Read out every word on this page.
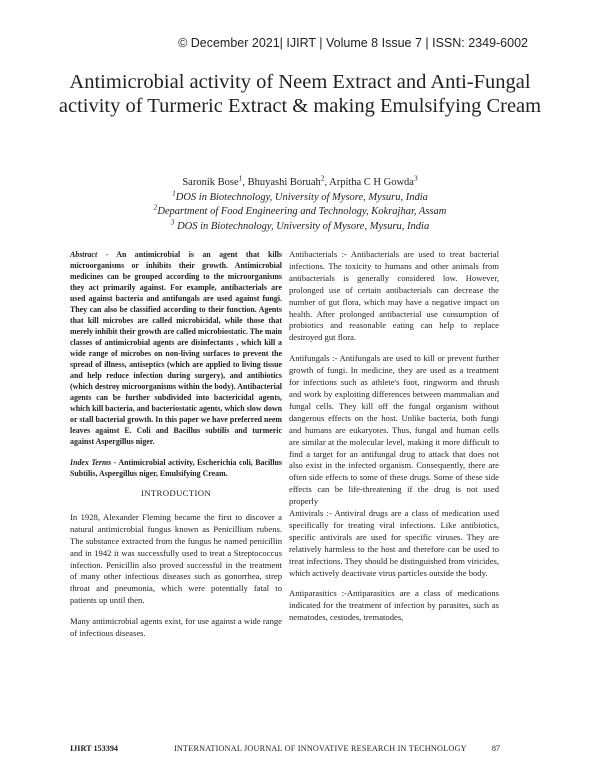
© December 2021| IJIRT | Volume 8 Issue 7 | ISSN: 2349-6002
Antimicrobial activity of Neem Extract and Anti-Fungal activity of Turmeric Extract & making Emulsifying Cream
Saronik Bose$^1$, Bhuyashi Boruah$^2$, Arpitha C H Gowda$^3$
$^1$DOS in Biotechnology, University of Mysore, Mysuru, India
$^2$Department of Food Engineering and Technology, Kokrajhar, Assam
$^3$ DOS in Biotechnology, University of Mysore, Mysuru, India

Abstract - An antimicrobial is an agent that kills microorganisms or inhibits their growth. Antimicrobial medicines can be grouped according to the microorganisms they act primarily against. For example, antibacterials are used against bacteria and antifungals are used against fungi. They can also be classified according to their function. Agents that kill microbes are called microbicidal, while those that merely inhibit their growth are called microbiostatic. The main classes of antimicrobial agents are disinfectants , which kill a wide range of microbes on non-living surfaces to prevent the spread of illness, antiseptics (which are applied to living tissue and help reduce infection during surgery), and antibiotics (which destroy microorganisms within the body). Antibacterial agents can be further subdivided into bactericidal agents, which kill bacteria, and bacteriostatic agents, which slow down or stall bacterial growth. In this paper we have preferred neem leaves against E. Coli and Bacillus subtilis and turmeric against Aspergillus niger.

Index Terms - Antimicrobial activity, Escherichia coli, Bacillus Subtilis, Aspergillus niger, Emulsifying Cream.

INTRODUCTION

In 1928, Alexander Fleming became the first to discover a natural antimicrobial fungus known as Penicillium rubens. The substance extracted from the fungus he named penicillin and in 1942 it was successfully used to treat a Streptococcus infection. Penicillin also proved successful in the treatment of many other infectious diseases such as gonorrhea, strep throat and pneumonia, which were potentially fatal to patients up until then.

Many antimicrobial agents exist, for use against a wide range of infectious diseases.

Antibacterials :- Antibacterials are used to treat bacterial infections. The toxicity to humans and other animals from antibacterials is generally considered low. However, prolonged use of certain antibacterials can decrease the number of gut flora, which may have a negative impact on health. After prolonged antibacterial use consumption of probiotics and reasonable eating can help to replace destroyed gut flora.

Antifungals :- Antifungals are used to kill or prevent further growth of fungi. In medicine, they are used as a treatment for infections such as athlete's foot, ringworm and thrush and work by exploiting differences between mammalian and fungal cells. They kill off the fungal organism without dangerous effects on the host. Unlike bacteria, both fungi and humans are eukaryotes. Thus, fungal and human cells are similar at the molecular level, making it more difficult to find a target for an antifungal drug to attack that does not also exist in the infected organism. Consequently, there are often side effects to some of these drugs. Some of these side effects can be life-threatening if the drug is not used properly

Antivirals :- Antiviral drugs are a class of medication used specifically for treating viral infections. Like antibiotics, specific antivirals are used for specific viruses. They are relatively harmless to the host and therefore can be used to treat infections. They should be distinguished from viricides, which actively deactivate virus particles outside the body.

Antiparasitics :-Antiparasitics are a class of medications indicated for the treatment of infection by parasites, such as nematodes, cestodes, trematodes,

IJIRT 153394	INTERNATIONAL JOURNAL OF INNOVATIVE RESEARCH IN TECHNOLOGY	87
